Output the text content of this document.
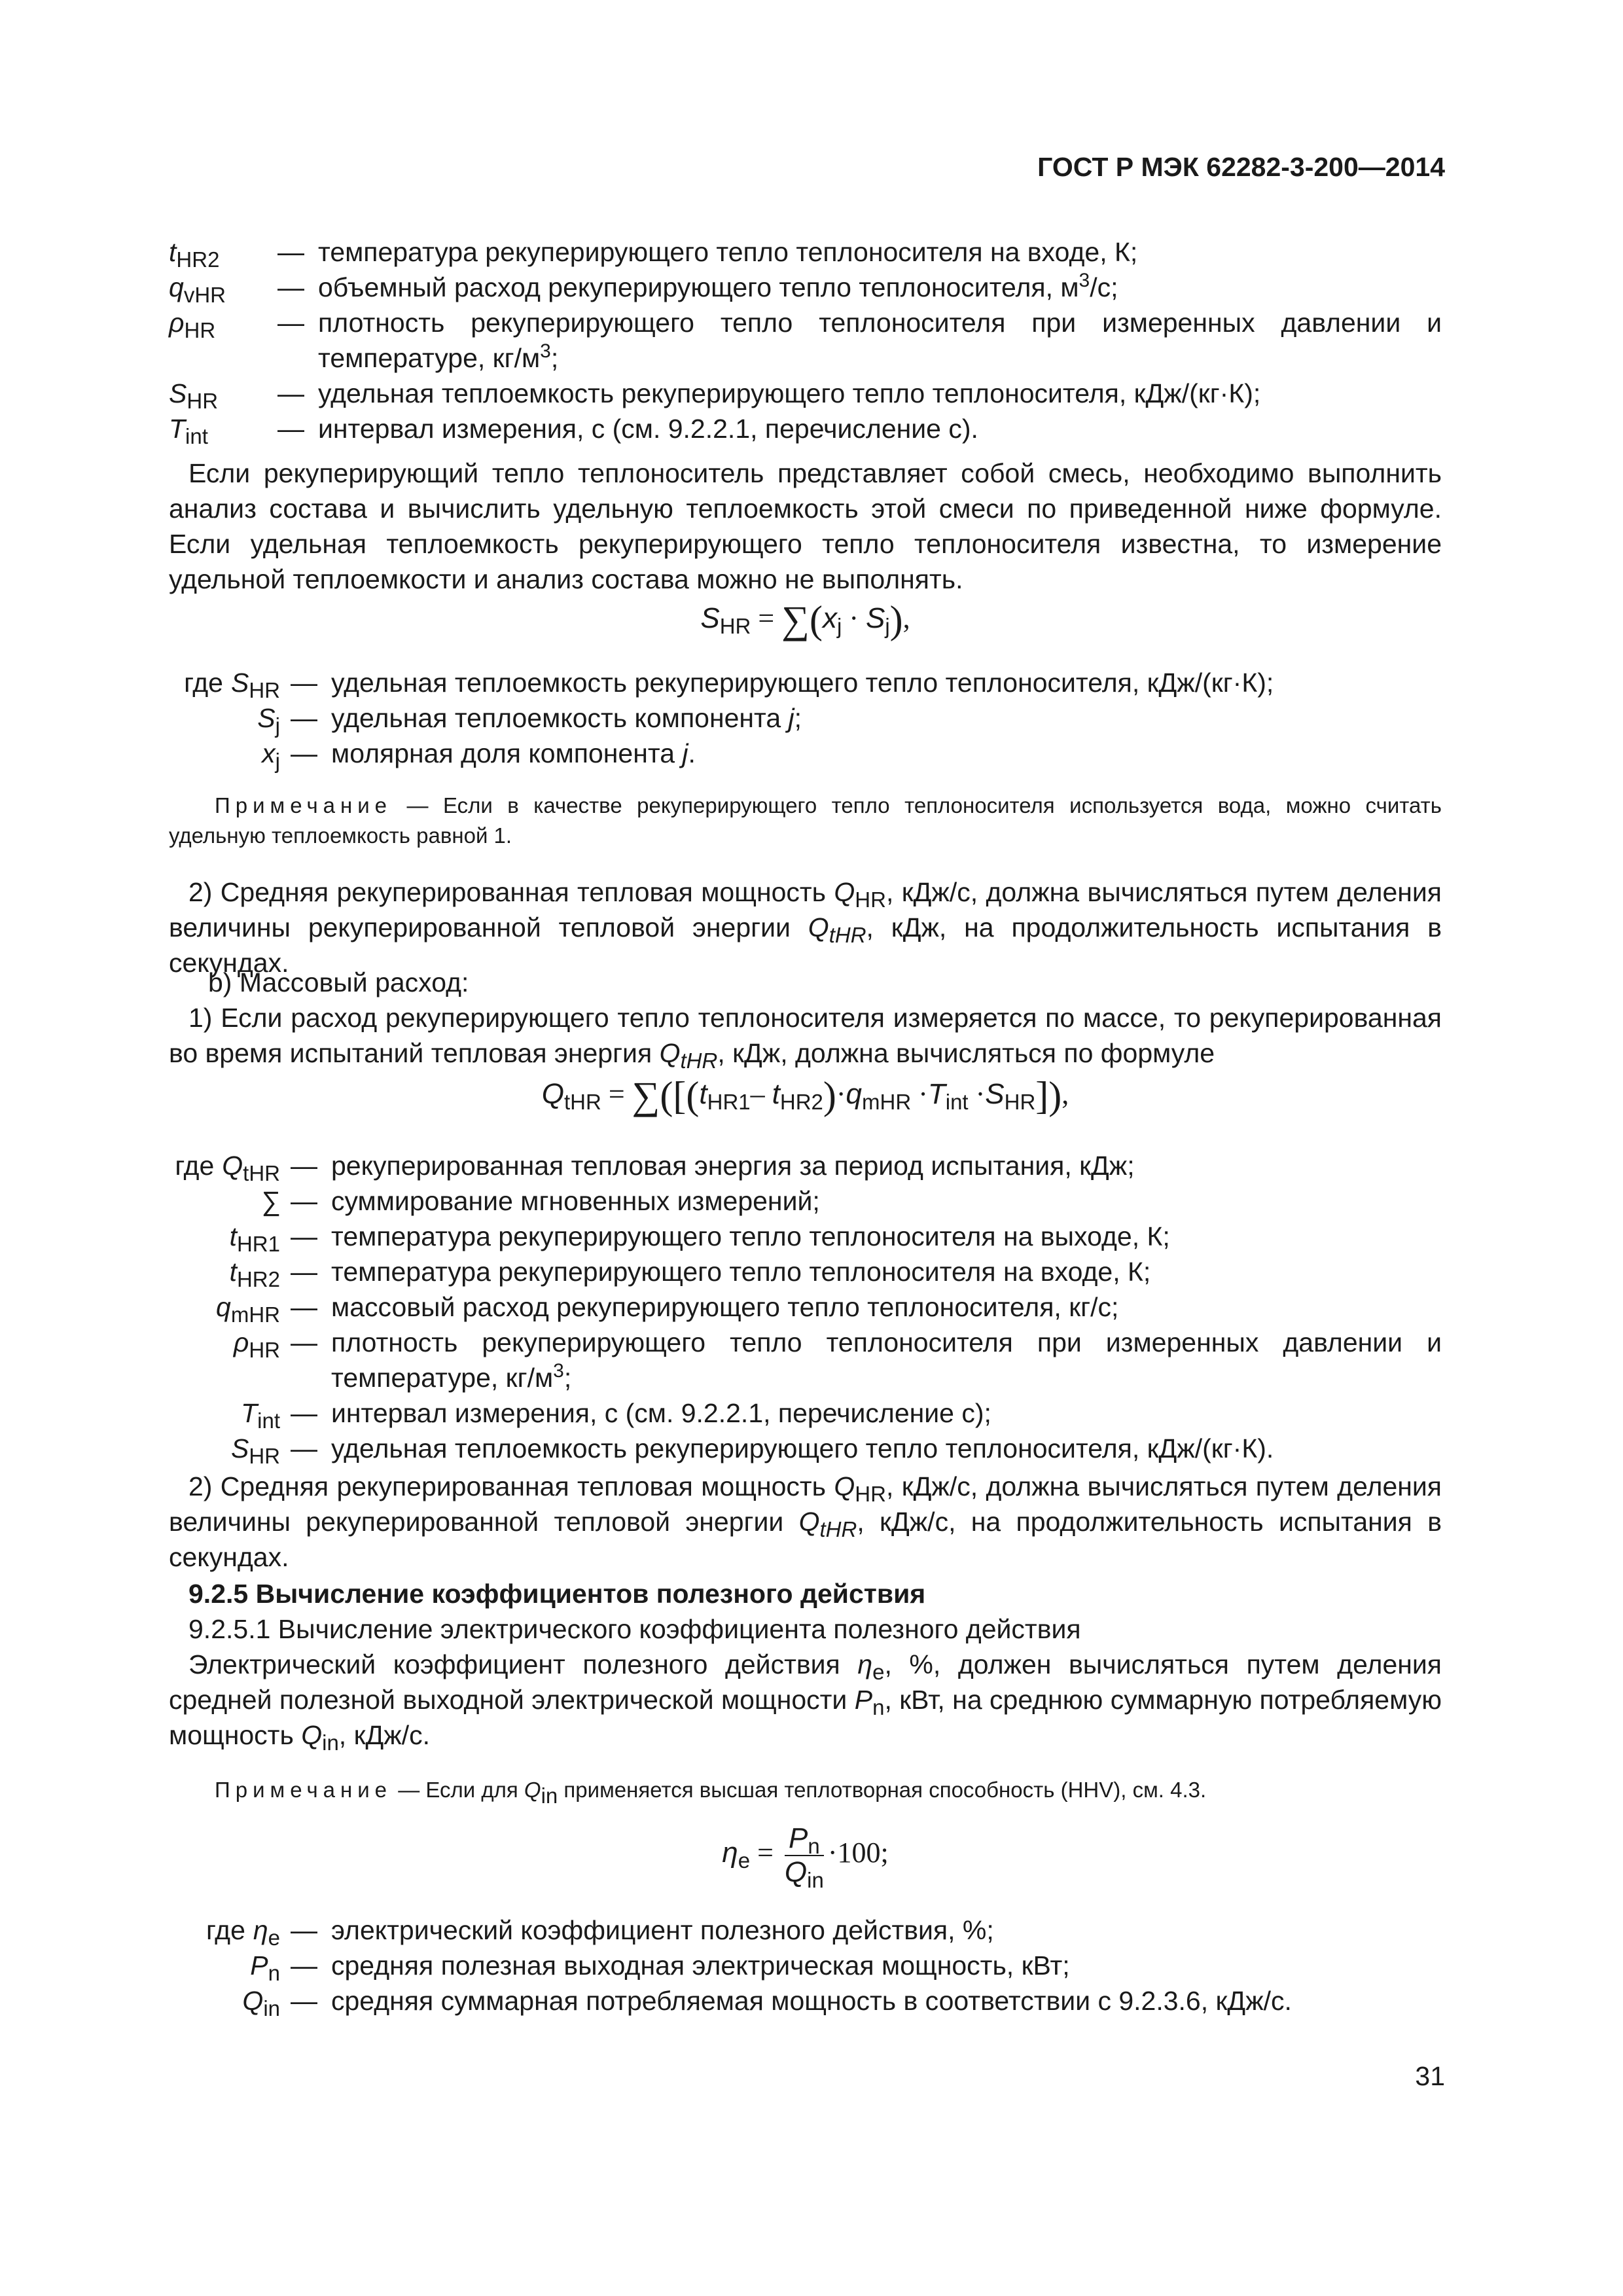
ГОСТ Р МЭК 62282-3-200—2014
$t_{HR2}$	—	температура рекуперирующего тепло теплоносителя на входе, К;
$q_{vHR}$	—	объемный расход рекуперирующего тепло теплоносителя, $м^3/с$;
$\rho_{HR}$	—	плотность рекуперирующего тепло теплоносителя при измеренных давлении и температуре, $кг/м^3$;
$S_{HR}$	—	удельная теплоемкость рекуперирующего тепло теплоносителя, кДж/(кг·К);
$T_{int}$	—	интервал измерения, с (см. 9.2.2.1, перечисление с).

Если рекуперирующий тепло теплоноситель представляет собой смесь, необходимо выполнить анализ состава и вычислить удельную теплоемкость этой смеси по приведенной ниже формуле. Если удельная теплоемкость рекуперирующего тепло теплоносителя известна, то измерение удельной теплоемкости и анализ состава можно не выполнять.

$S_{HR} = \sum(x_j \cdot S_j)$,
где $S_{HR}$	—	удельная теплоемкость рекуперирующего тепло теплоносителя, кДж/(кг·К);
$S_j$	—	удельная теплоемкость компонента j;
$x_j$	—	молярная доля компонента j.
Примечание — Если в качестве рекуперирующего тепло теплоносителя используется вода, можно считать удельную теплоемкость равной 1.

2) Средняя рекуперированная тепловая мощность $Q_{HR}$, кДж/с, должна вычисляться путем деления величины рекуперированной тепловой энергии $Q_{tHR}$, кДж, на продолжительность испытания в секундах.

b) Массовый расход:

1) Если расход рекуперирующего тепло теплоносителя измеряется по массе, то рекуперированная во время испытаний тепловая энергия $Q_{tHR}$, кДж, должна вычисляться по формуле

$Q_{tHR} = \sum([(t_{HR1}-$ $t_{HR2})\cdot q_{mHR} \cdot T_{int} \cdot S_{HR}$]),
где $Q_{tHR}$	—	рекуперированная тепловая энергия за период испытания, кДж;
∑	—	суммирование мгновенных измерений;
$t_{HR1}$	—	температура рекуперирующего тепло теплоносителя на выходе, К;
$t_{HR2}$	—	температура рекуперирующего тепло теплоносителя на входе, К;
$q_{mHR}$	—	массовый расход рекуперирующего тепло теплоносителя, кг/с;
$\rho_{HR}$	—	плотность рекуперирующего тепло теплоносителя при измеренных давлении и температуре, $кг/м^3$;
$T_{int}$	—	интервал измерения, с (см. 9.2.2.1, перечисление с);
$S_{HR}$	—	удельная теплоемкость рекуперирующего тепло теплоносителя, кДж/(кг·К).

2) Средняя рекуперированная тепловая мощность $Q_{HR}$, кДж/с, должна вычисляться путем деления величины рекуперированной тепловой энергии $Q_{tHR}$, кДж/с, на продолжительность испытания в секундах.

9.2.5 Вычисление коэффициентов полезного действия
9.2.5.1 Вычисление электрического коэффициента полезного действия

Электрический коэффициент полезного действия $\eta_e$, %, должен вычисляться путем деления средней полезной выходной электрической мощности $P_n$, кВт, на среднюю суммарную потребляемую мощность $Q_{in}$, кДж/с.

Примечание — Если для $Q_{in}$ применяется высшая теплотворная способность (HHV), см. 4.3.
$\eta_e = \frac{P_n}{Q_{in}} \cdot 100$;
где $\eta_e$	—	электрический коэффициент полезного действия, %;
$P_n$	—	средняя полезная выходная электрическая мощность, кВт;
$Q_{in}$	—	средняя суммарная потребляемая мощность в соответствии с 9.2.3.6, кДж/с.
31
